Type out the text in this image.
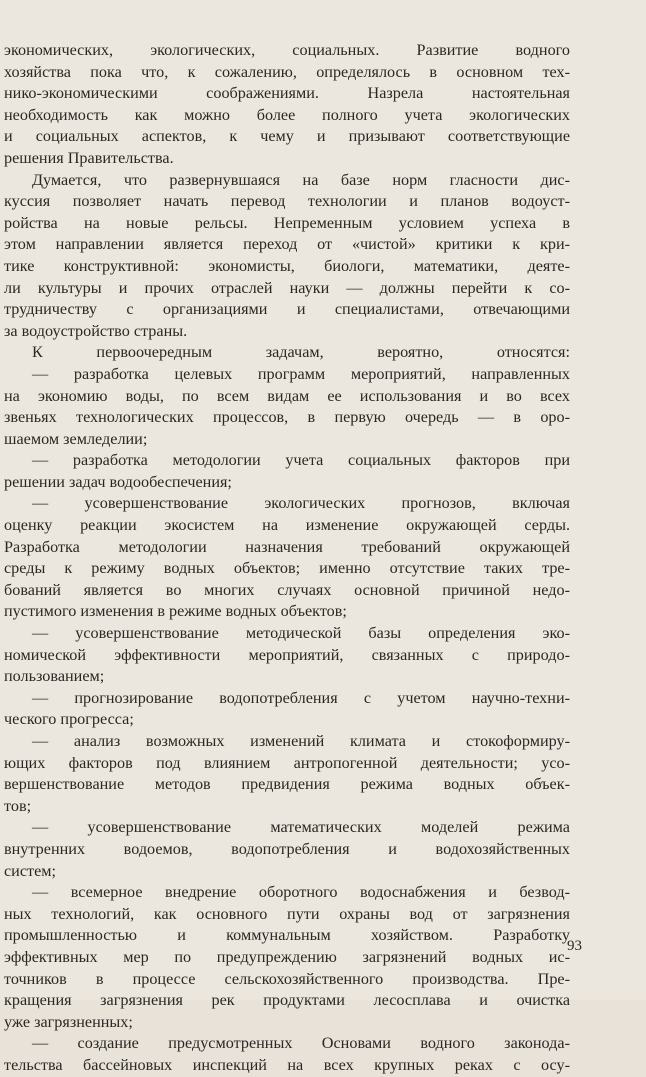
экономических, экологических, социальных. Развитие водного
хозяйства пока что, к сожалению, определялось в основном тех-
нико-экономическими соображениями. Назрела настоятельная
необходимость как можно более полного учета экологических
и социальных аспектов, к чему и призывают соответствующие
решения Правительства.
Думается, что развернувшаяся на базе норм гласности дис-
куссия позволяет начать перевод технологии и планов водоуст-
ройства на новые рельсы. Непременным условием успеха в
этом направлении является переход от «чистой» критики к кри-
тике конструктивной: экономисты, биологи, математики, деяте-
ли культуры и прочих отраслей науки — должны перейти к со-
трудничеству с организациями и специалистами, отвечающими
за водоустройство страны.
К первоочередным задачам, вероятно, относятся:
— разработка целевых программ мероприятий, направленных
на экономию воды, по всем видам ее использования и во всех
звеньях технологических процессов, в первую очередь — в оро-
шаемом земледелии;
— разработка методологии учета социальных факторов при
решении задач водообеспечения;
— усовершенствование экологических прогнозов, включая
оценку реакции экосистем на изменение окружающей серды.
Разработка методологии назначения требований окружающей
среды к режиму водных объектов; именно отсутствие таких тре-
бований является во многих случаях основной причиной недо-
пустимого изменения в режиме водных объектов;
— усовершенствование методической базы определения эко-
номической эффективности мероприятий, связанных с природо-
пользованием;
— прогнозирование водопотребления с учетом научно-техни-
ческого прогресса;
— анализ возможных изменений климата и стокоформиру-
ющих факторов под влиянием антропогенной деятельности; усо-
вершенствование методов предвидения режима водных объек-
тов;
— усовершенствование математических моделей режима
внутренних водоемов, водопотребления и водохозяйственных
систем;
— всемерное внедрение оборотного водоснабжения и безвод-
ных технологий, как основного пути охраны вод от загрязнения
промышленностью и коммунальным хозяйством. Разработку
эффективных мер по предупреждению загрязнений водных ис-
точников в процессе сельскохозяйственного производства. Пре-
кращения загрязнения рек продуктами лесосплава и очистка
уже загрязненных;
— создание предусмотренных Основами водного законода-
тельства бассейновых инспекций на всех крупных реках с осу-
93
